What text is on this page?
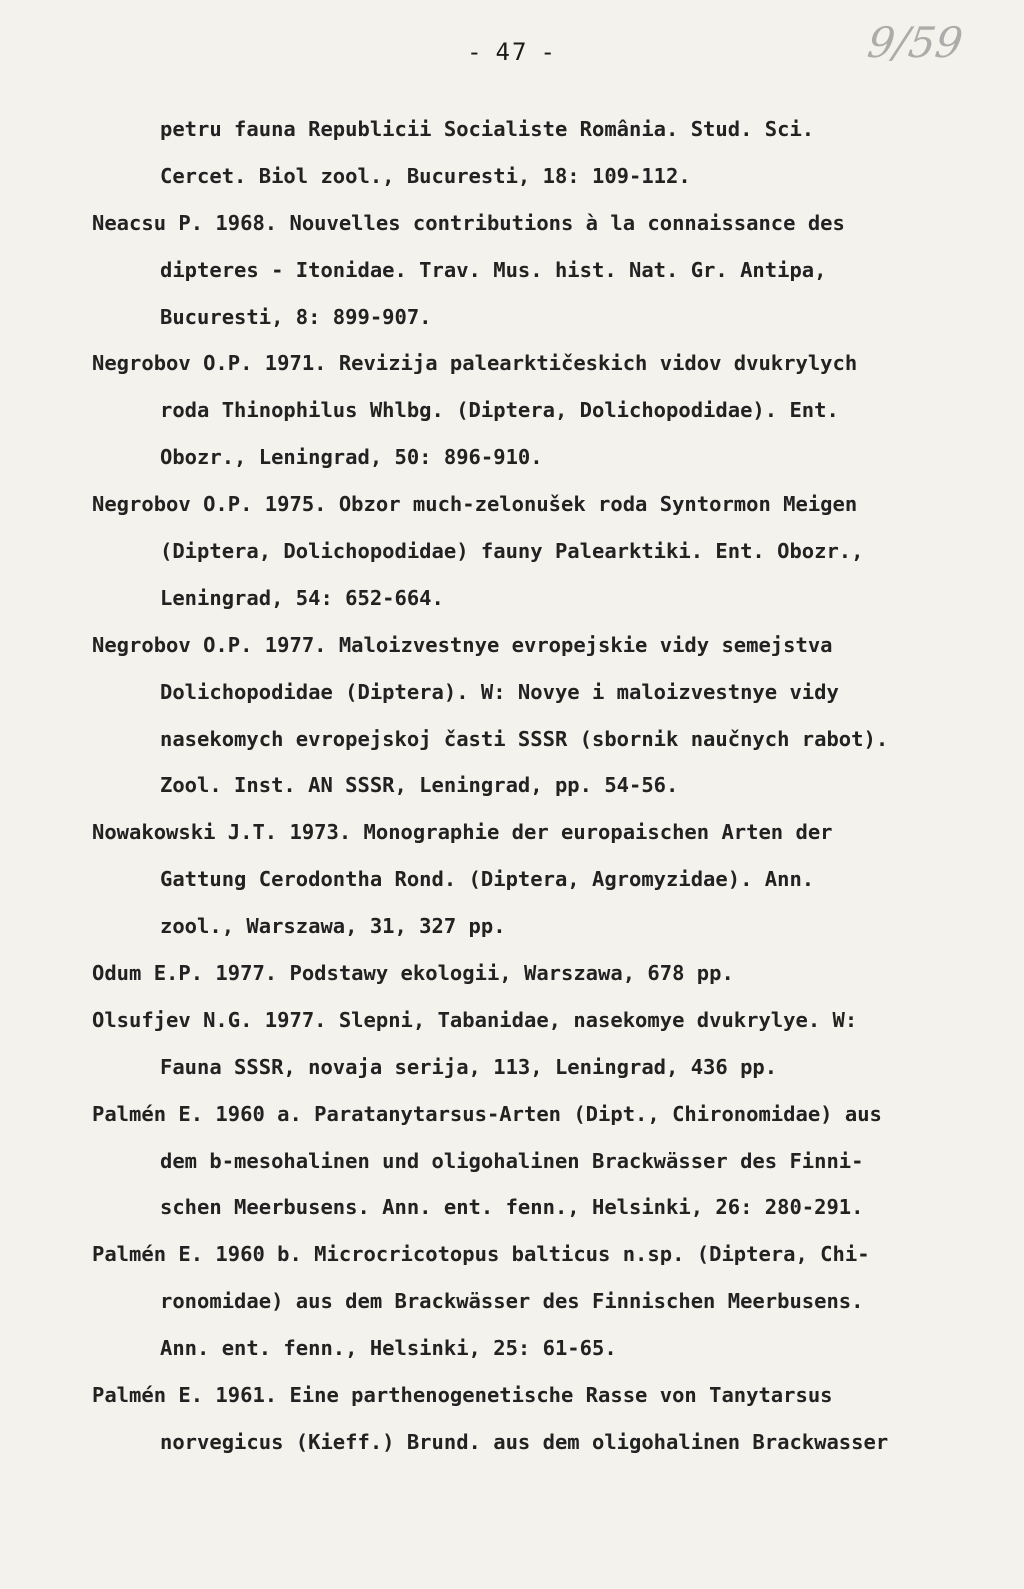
- 47 -	9/59
petru fauna Republicii Socialiste România. Stud. Sci.
Cercet. Biol zool., Bucuresti, 18: 109-112.
Neacsu P. 1968. Nouvelles contributions à la connaissance des
dipteres - Itonidae. Trav. Mus. hist. Nat. Gr. Antipa,
Bucuresti, 8: 899-907.
Negrobov O.P. 1971. Revizija palearktičeskich vidov dvukrylych
roda Thinophilus Whlbg. (Diptera, Dolichopodidae). Ent.
Obozr., Leningrad, 50: 896-910.
Negrobov O.P. 1975. Obzor much-zelonušek roda Syntormon Meigen
(Diptera, Dolichopodidae) fauny Palearktiki. Ent. Obozr.,
Leningrad, 54: 652-664.
Negrobov O.P. 1977. Maloizvestnye evropejskie vidy semejstva
Dolichopodidae (Diptera). W: Novye i maloizvestnye vidy
nasekomych evropejskoj časti SSSR (sbornik naučnych rabot).
Zool. Inst. AN SSSR, Leningrad, pp. 54-56.
Nowakowski J.T. 1973. Monographie der europaischen Arten der
Gattung Cerodontha Rond. (Diptera, Agromyzidae). Ann.
zool., Warszawa, 31, 327 pp.
Odum E.P. 1977. Podstawy ekologii, Warszawa, 678 pp.
Olsufjev N.G. 1977. Slepni, Tabanidae, nasekomye dvukrylye. W:
Fauna SSSR, novaja serija, 113, Leningrad, 436 pp.
Palmén E. 1960 a. Paratanytarsus-Arten (Dipt., Chironomidae) aus
dem b-mesohalinen und oligohalinen Brackwässer des Finni-
schen Meerbusens. Ann. ent. fenn., Helsinki, 26: 280-291.
Palmén E. 1960 b. Microcricotopus balticus n.sp. (Diptera, Chi-
ronomidae) aus dem Brackwässer des Finnischen Meerbusens.
Ann. ent. fenn., Helsinki, 25: 61-65.
Palmén E. 1961. Eine parthenogenetische Rasse von Tanytarsus
norvegicus (Kieff.) Brund. aus dem oligohalinen Brackwasser
